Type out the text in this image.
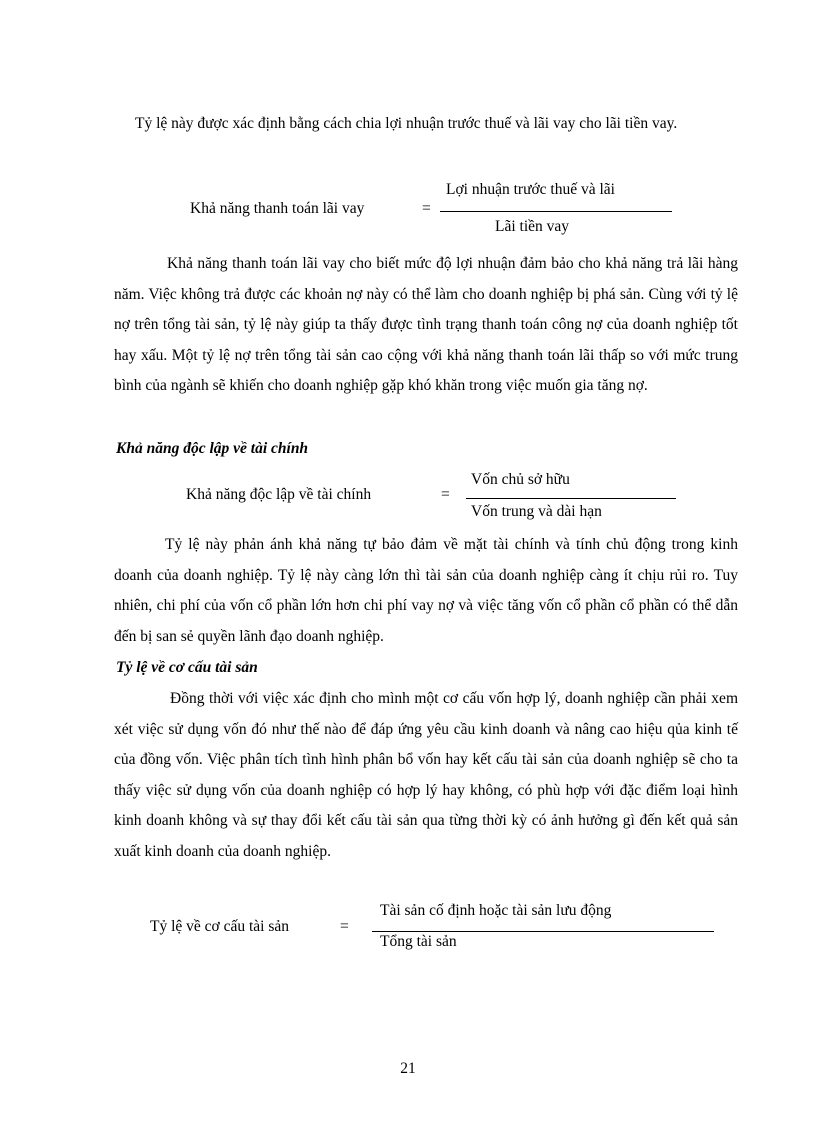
Tỷ lệ này được xác định bằng cách chia lợi nhuận trước thuế và lãi vay cho lãi tiền vay.

Khả năng thanh toán lãi vay	=
Lợi nhuận trước thuế và lãi
Lãi tiền vay

Khả năng thanh toán lãi vay cho biết mức độ lợi nhuận đảm bảo cho khả năng trả lãi hàng năm. Việc không trả được các khoản nợ này có thể làm cho doanh nghiệp bị phá sản. Cùng với tỷ lệ nợ trên tổng tài sản, tỷ lệ này giúp ta thấy được tình trạng thanh toán công nợ của doanh nghiệp tốt hay xấu. Một tỷ lệ nợ trên tổng tài sản cao cộng với khả năng thanh toán lãi thấp so với mức trung bình của ngành sẽ khiến cho doanh nghiệp gặp khó khăn trong việc muốn gia tăng nợ.

Khả năng độc lập về tài chính

Khả năng độc lập về tài chính	=
Vốn chủ sở hữu
Vốn trung và dài hạn

Tỷ lệ này phản ánh khả năng tự bảo đảm về mặt tài chính và tính chủ động trong kinh doanh của doanh nghiệp. Tỷ lệ này càng lớn thì tài sản của doanh nghiệp càng ít chịu rủi ro. Tuy nhiên, chi phí của vốn cổ phần lớn hơn chi phí vay nợ và việc tăng vốn cổ phần cổ phần có thể dẫn đến bị san sẻ quyền lãnh đạo doanh nghiệp.

Tỷ lệ về cơ cấu tài sản

Đồng thời với việc xác định cho mình một cơ cấu vốn hợp lý, doanh nghiệp cần phải xem xét việc sử dụng vốn đó như thế nào để đáp ứng yêu cầu kinh doanh và nâng cao hiệu qủa kinh tế của đồng vốn. Việc phân tích tình hình phân bổ vốn hay kết cấu tài sản của doanh nghiệp sẽ cho ta thấy việc sử dụng vốn của doanh nghiệp có hợp lý hay không, có phù hợp với đặc điểm loại hình kinh doanh không và sự thay đổi kết cấu tài sản qua từng thời kỳ có ảnh hưởng gì đến kết quả sản xuất kinh doanh của doanh nghiệp.

Tỷ lệ về cơ cấu tài sản	=
Tài sản cố định hoặc tài sản lưu động
Tổng tài sản
21
